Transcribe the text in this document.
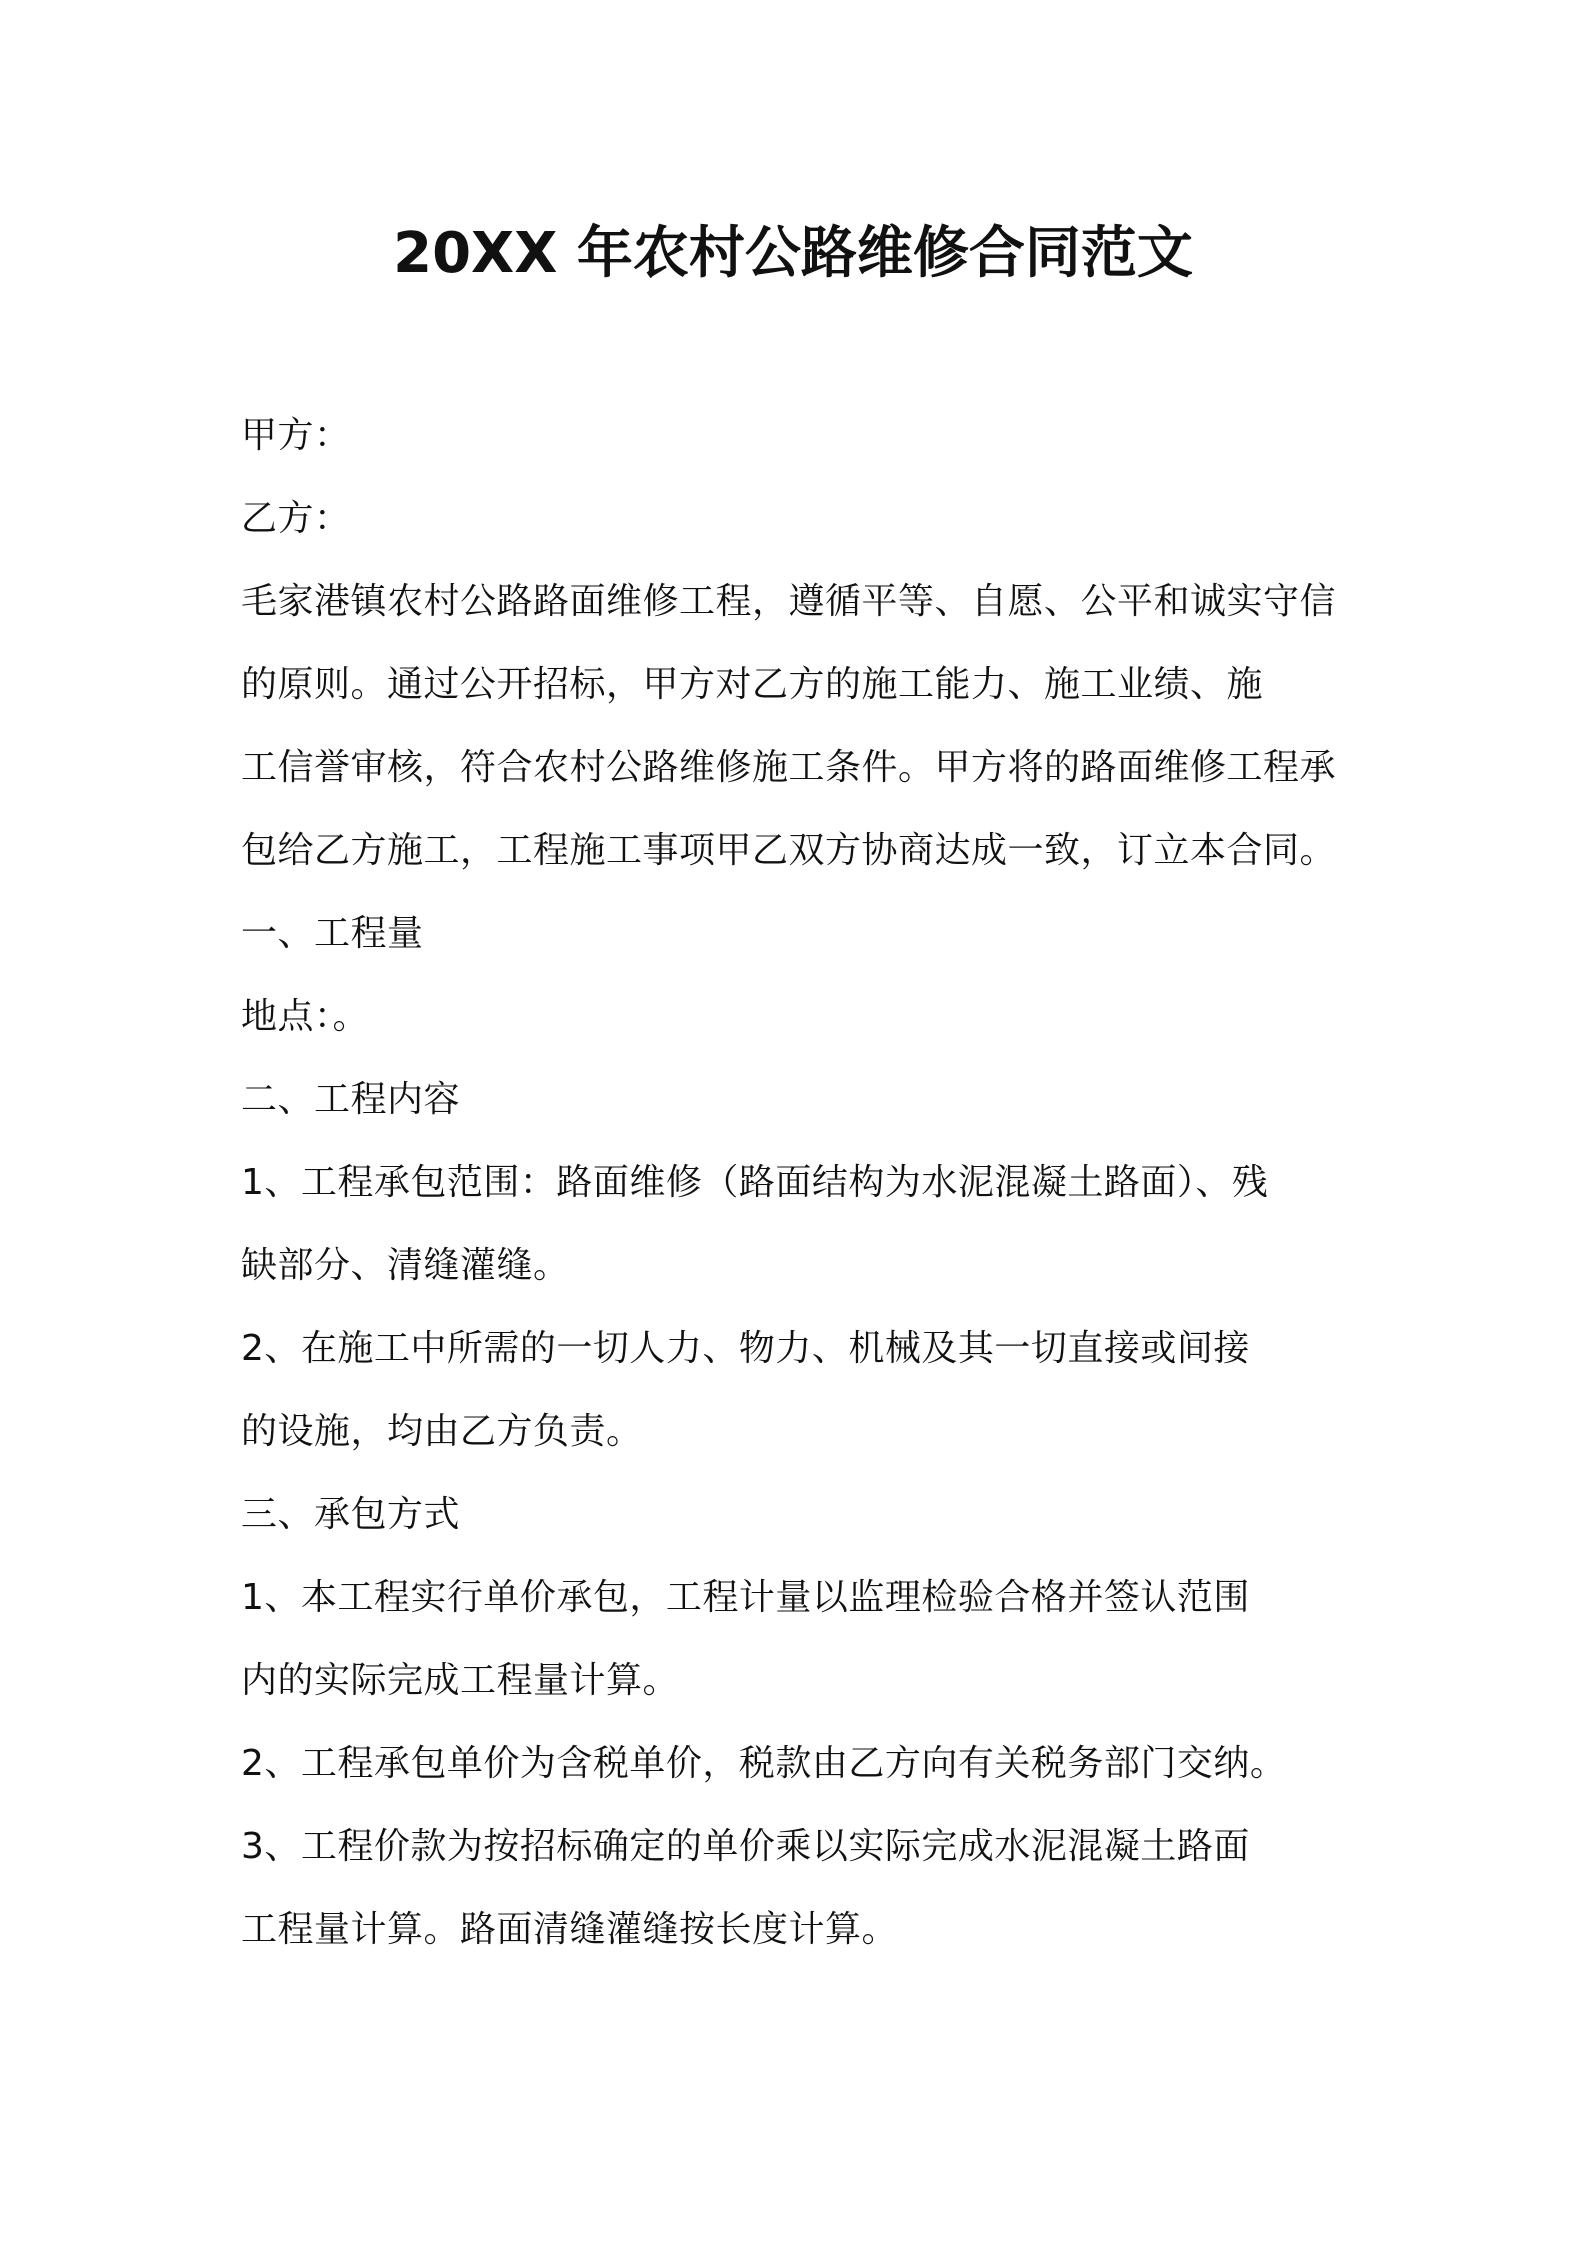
20XX 年农村公路维修合同范文
甲方：
乙方：
毛家港镇农村公路路面维修工程，遵循平等、自愿、公平和诚实守信
的原则。通过公开招标，甲方对乙方的施工能力、施工业绩、施
工信誉审核，符合农村公路维修施工条件。甲方将的路面维修工程承
包给乙方施工，工程施工事项甲乙双方协商达成一致，订立本合同。
一、工程量
地点：。
二、工程内容
1、工程承包范围：路面维修（路面结构为水泥混凝土路面）、残
缺部分、清缝灌缝。
2、在施工中所需的一切人力、物力、机械及其一切直接或间接
的设施，均由乙方负责。
三、承包方式
1、本工程实行单价承包，工程计量以监理检验合格并签认范围
内的实际完成工程量计算。
2、工程承包单价为含税单价，税款由乙方向有关税务部门交纳。
3、工程价款为按招标确定的单价乘以实际完成水泥混凝土路面
工程量计算。路面清缝灌缝按长度计算。
